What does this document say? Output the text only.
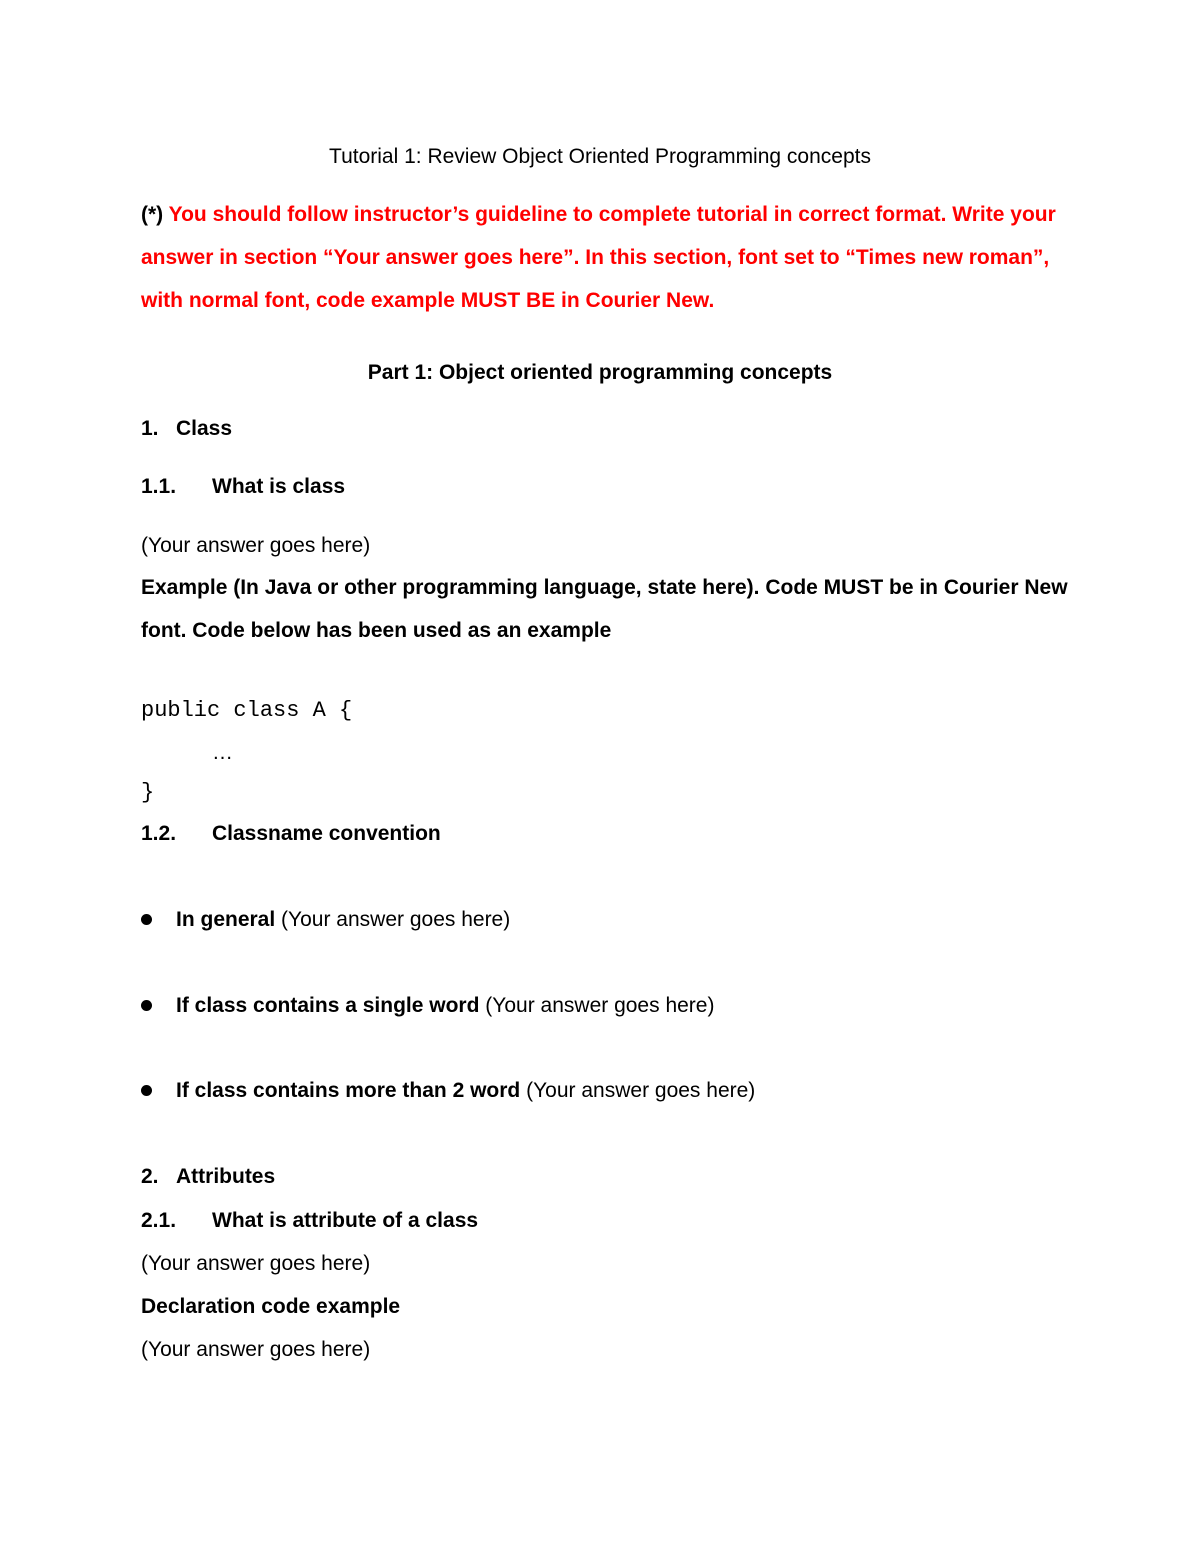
Tutorial 1: Review Object Oriented Programming concepts
(*) You should follow instructor’s guideline to complete tutorial in correct format. Write your
answer in section “Your answer goes here”. In this section, font set to “Times new roman”,
with normal font, code example MUST BE in Courier New.
Part 1: Object oriented programming concepts
1. Class
1.1. What is class
(Your answer goes here)
Example (In Java or other programming language, state here). Code MUST be in Courier New
font. Code below has been used as an example
public class A {
…
}
1.2. Classname convention
In general (Your answer goes here)
If class contains a single word (Your answer goes here)
If class contains more than 2 word (Your answer goes here)
2. Attributes
2.1. What is attribute of a class
(Your answer goes here)
Declaration code example
(Your answer goes here)
